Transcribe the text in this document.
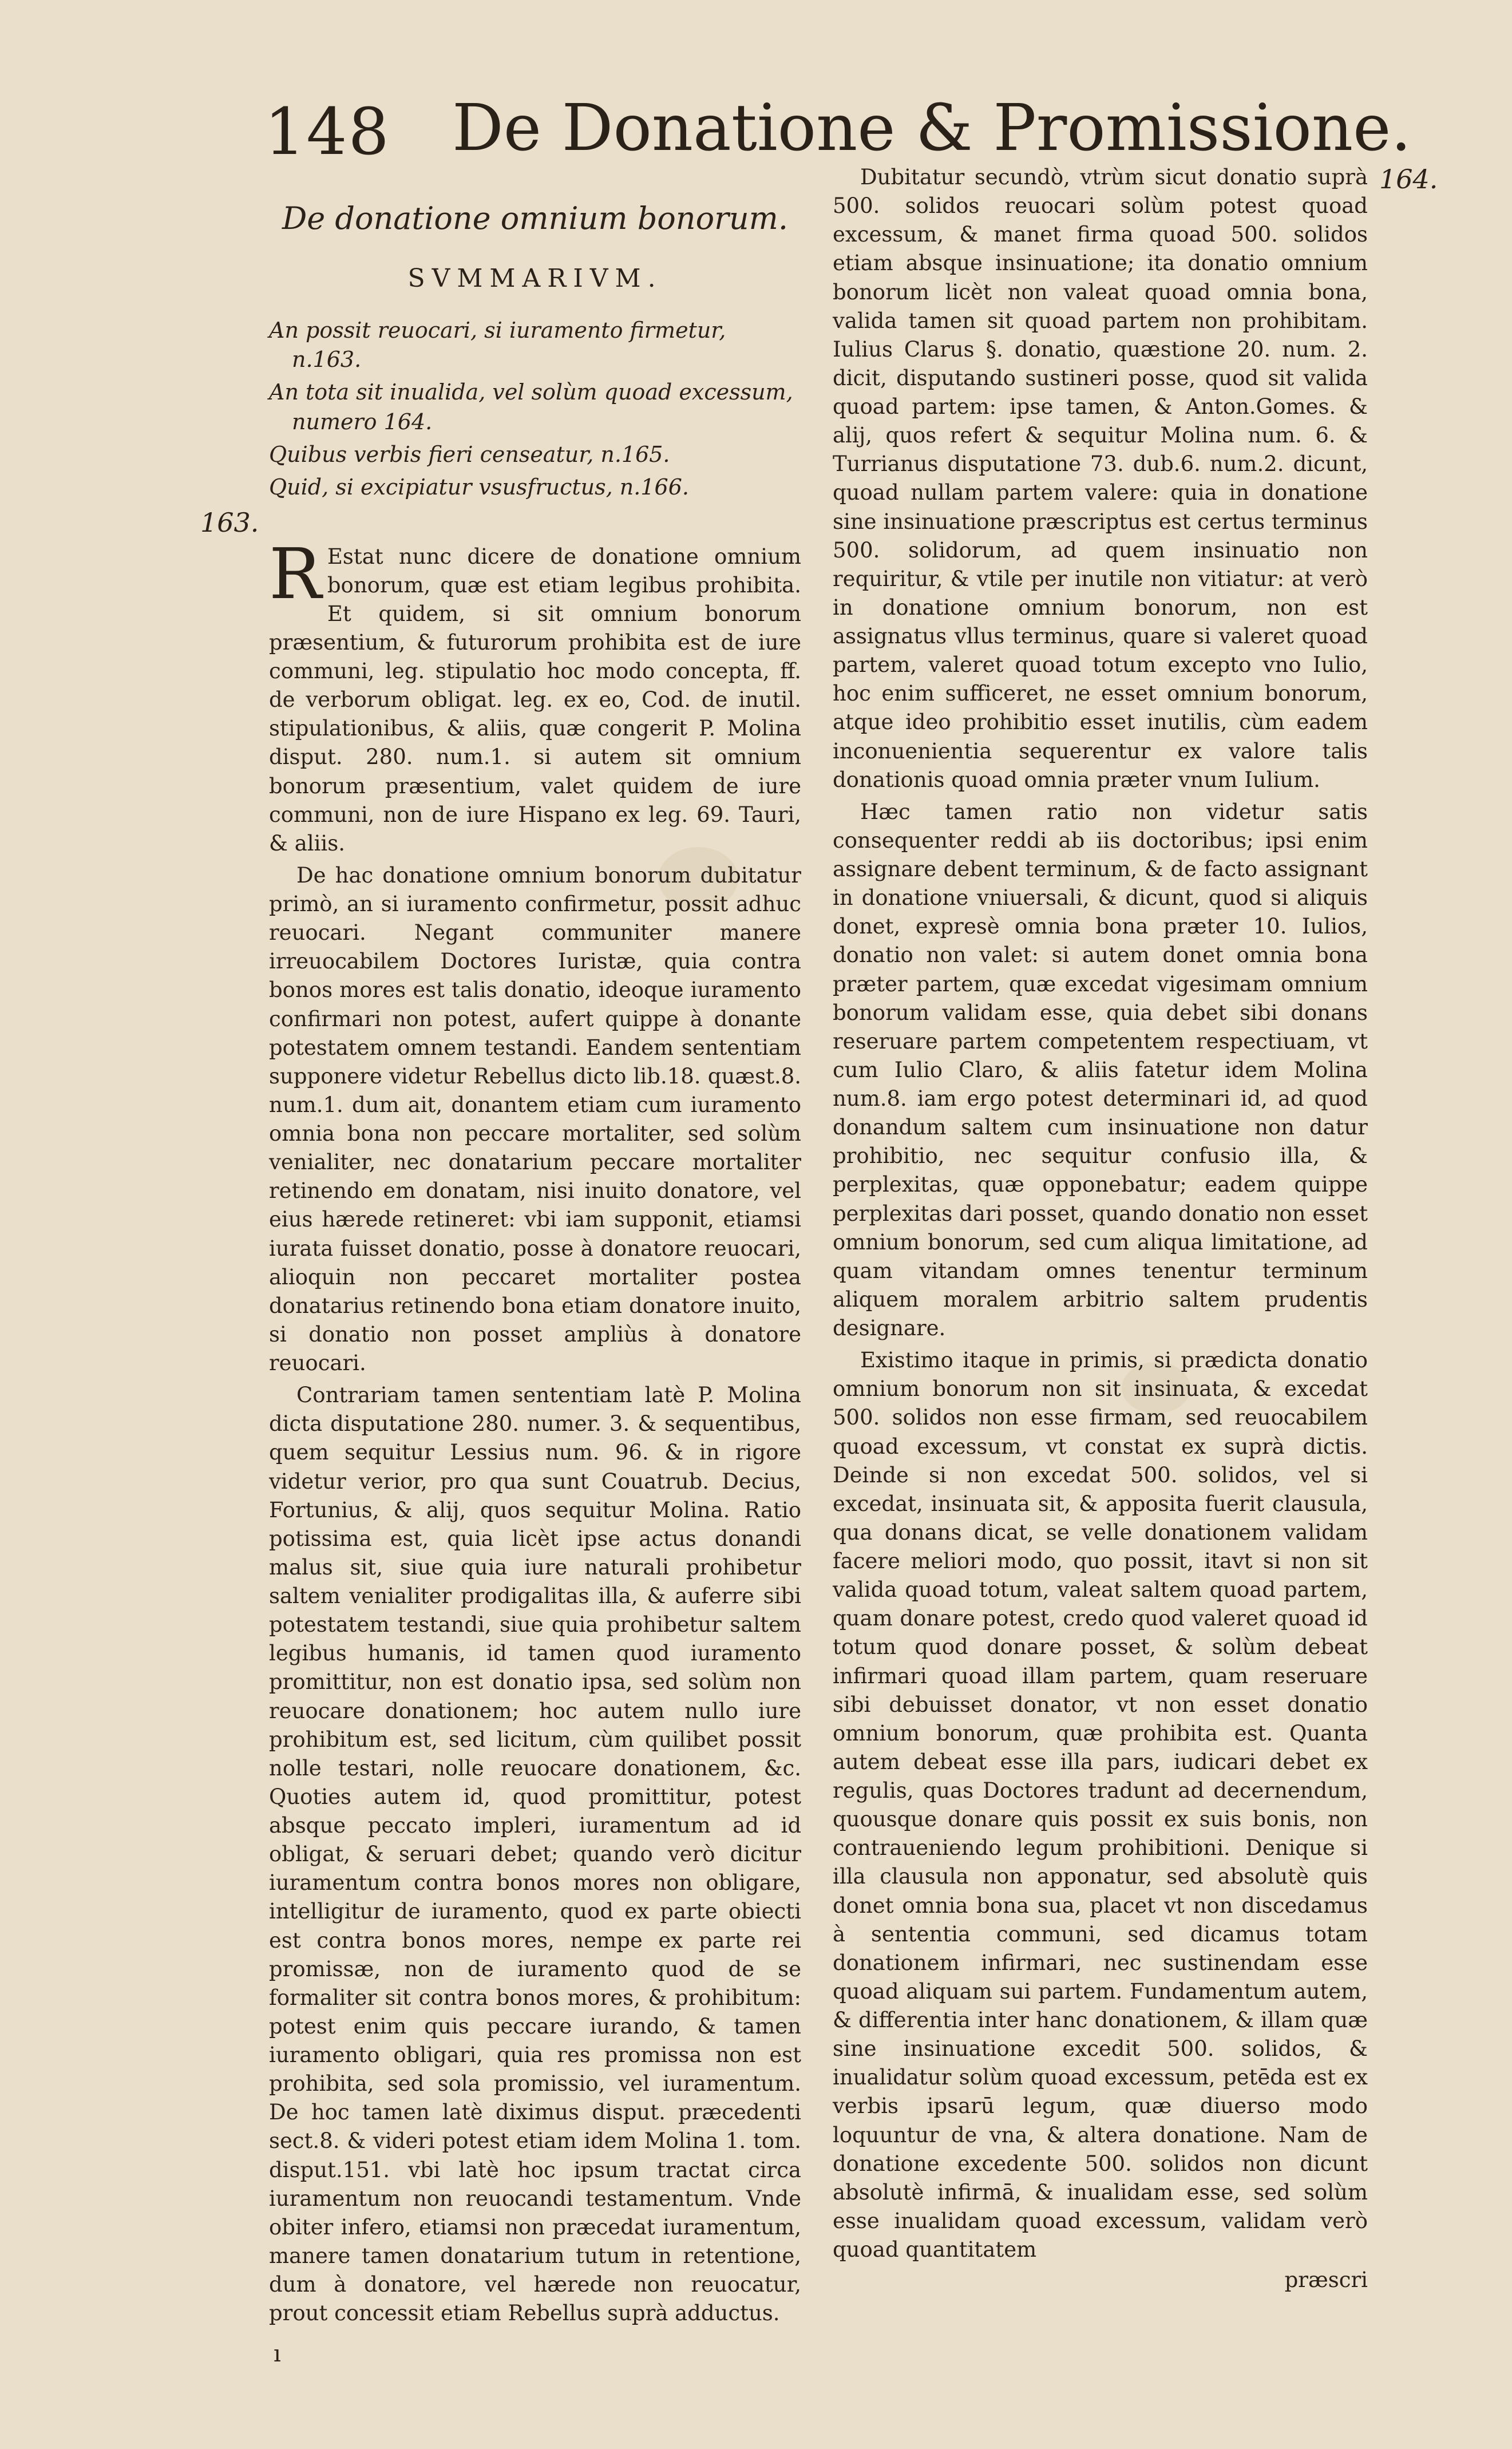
148 De Donatione & Promissione.
163.
164.
De donatione omnium bonorum.
SVMMARIVM.
An possit reuocari, si iuramento firmetur, n.163.
An tota sit inualida, vel solùm quoad excessum, numero 164.
Quibus verbis fieri censeatur, n.165.
Quid, si excipiatur vsusfructus, n.166.

R Estat nunc dicere de donatione omnium bonorum, quæ est etiam legibus prohibita. Et quidem, si sit omnium bonorum præsentium, & futurorum prohibita est de iure communi, leg. stipulatio hoc modo concepta, ff. de verborum obligat. leg. ex eo, Cod. de inutil. stipulationibus, & aliis, quæ congerit P. Molina disput. 280. num.1. si autem sit omnium bonorum præsentium, valet quidem de iure communi, non de iure Hispano ex leg. 69. Tauri, & aliis.

De hac donatione omnium bonorum dubitatur primò, an si iuramento confirmetur, possit adhuc reuocari. Negant communiter manere irreuocabilem Doctores Iuristæ, quia contra bonos mores est talis donatio, ideoque iuramento confirmari non potest, aufert quippe à donante potestatem omnem testandi. Eandem sententiam supponere videtur Rebellus dicto lib.18. quæst.8. num.1. dum ait, donantem etiam cum iuramento omnia bona non peccare mortaliter, sed solùm venialiter, nec donatarium peccare mortaliter retinendo em donatam, nisi inuito donatore, vel eius hærede retineret: vbi iam supponit, etiamsi iurata fuisset donatio, posse à donatore reuocari, alioquin non peccaret mortaliter postea donatarius retinendo bona etiam donatore inuito, si donatio non posset ampliùs à donatore reuocari.

Contrariam tamen sententiam latè P. Molina dicta disputatione 280. numer. 3. & sequentibus, quem sequitur Lessius num. 96. & in rigore videtur verior, pro qua sunt Couatrub. Decius, Fortunius, & alij, quos sequitur Molina. Ratio potissima est, quia licèt ipse actus donandi malus sit, siue quia iure naturali prohibetur saltem venialiter prodigalitas illa, & auferre sibi potestatem testandi, siue quia prohibetur saltem legibus humanis, id tamen quod iuramento promittitur, non est donatio ipsa, sed solùm non reuocare donationem; hoc autem nullo iure prohibitum est, sed licitum, cùm quilibet possit nolle testari, nolle reuocare donationem, &c. Quoties autem id, quod promittitur, potest absque peccato impleri, iuramentum ad id obligat, & seruari debet; quando verò dicitur iuramentum contra bonos mores non obligare, intelligitur de iuramento, quod ex parte obiecti est contra bonos mores, nempe ex parte rei promissæ, non de iuramento quod de se formaliter sit contra bonos mores, & prohibitum: potest enim quis peccare iurando, & tamen iuramento obligari, quia res promissa non est prohibita, sed sola promissio, vel iuramentum. De hoc tamen latè diximus disput. præcedenti sect.8. & videri potest etiam idem Molina 1. tom. disput.151. vbi latè hoc ipsum tractat circa iuramentum non reuocandi testamentum. Vnde obiter infero, etiamsi non præcedat iuramentum, manere tamen donatarium tutum in retentione, dum à donatore, vel hærede non reuocatur, prout concessit etiam Rebellus suprà adductus.

Dubitatur secundò, vtrùm sicut donatio suprà 500. solidos reuocari solùm potest quoad excessum, & manet firma quoad 500. solidos etiam absque insinuatione; ita donatio omnium bonorum licèt non valeat quoad omnia bona, valida tamen sit quoad partem non prohibitam. Iulius Clarus §. donatio, quæstione 20. num. 2. dicit, disputando sustineri posse, quod sit valida quoad partem: ipse tamen, & Anton.Gomes. & alij, quos refert & sequitur Molina num. 6. & Turrianus disputatione 73. dub.6. num.2. dicunt, quoad nullam partem valere: quia in donatione sine insinuatione præscriptus est certus terminus 500. solidorum, ad quem insinuatio non requiritur, & vtile per inutile non vitiatur: at verò in donatione omnium bonorum, non est assignatus vllus terminus, quare si valeret quoad partem, valeret quoad totum excepto vno Iulio, hoc enim sufficeret, ne esset omnium bonorum, atque ideo prohibitio esset inutilis, cùm eadem inconuenientia sequerentur ex valore talis donationis quoad omnia præter vnum Iulium.

Hæc tamen ratio non videtur satis consequenter reddi ab iis doctoribus; ipsi enim assignare debent terminum, & de facto assignant in donatione vniuersali, & dicunt, quod si aliquis donet, expresè omnia bona præter 10. Iulios, donatio non valet: si autem donet omnia bona præter partem, quæ excedat vigesimam omnium bonorum validam esse, quia debet sibi donans reseruare partem competentem respectiuam, vt cum Iulio Claro, & aliis fatetur idem Molina num.8. iam ergo potest determinari id, ad quod donandum saltem cum insinuatione non datur prohibitio, nec sequitur confusio illa, & perplexitas, quæ opponebatur; eadem quippe perplexitas dari posset, quando donatio non esset omnium bonorum, sed cum aliqua limitatione, ad quam vitandam omnes tenentur terminum aliquem moralem arbitrio saltem prudentis designare.

Existimo itaque in primis, si prædicta donatio omnium bonorum non sit insinuata, & excedat 500. solidos non esse firmam, sed reuocabilem quoad excessum, vt constat ex suprà dictis. Deinde si non excedat 500. solidos, vel si excedat, insinuata sit, & apposita fuerit clausula, qua donans dicat, se velle donationem validam facere meliori modo, quo possit, itavt si non sit valida quoad totum, valeat saltem quoad partem, quam donare potest, credo quod valeret quoad id totum quod donare posset, & solùm debeat infirmari quoad illam partem, quam reseruare sibi debuisset donator, vt non esset donatio omnium bonorum, quæ prohibita est. Quanta autem debeat esse illa pars, iudicari debet ex regulis, quas Doctores tradunt ad decernendum, quousque donare quis possit ex suis bonis, non contraueniendo legum prohibitioni. Denique si illa clausula non apponatur, sed absolutè quis donet omnia bona sua, placet vt non discedamus à sententia communi, sed dicamus totam donationem infirmari, nec sustinendam esse quoad aliquam sui partem. Fundamentum autem, & differentia inter hanc donationem, & illam quæ sine insinuatione excedit 500. solidos, & inualidatur solùm quoad excessum, petēda est ex verbis ipsarū legum, quæ diuerso modo loquuntur de vna, & altera donatione. Nam de donatione excedente 500. solidos non dicunt absolutè infirmā, & inualidam esse, sed solùm esse inualidam quoad excessum, validam verò quoad quantitatem

præscri
ı
